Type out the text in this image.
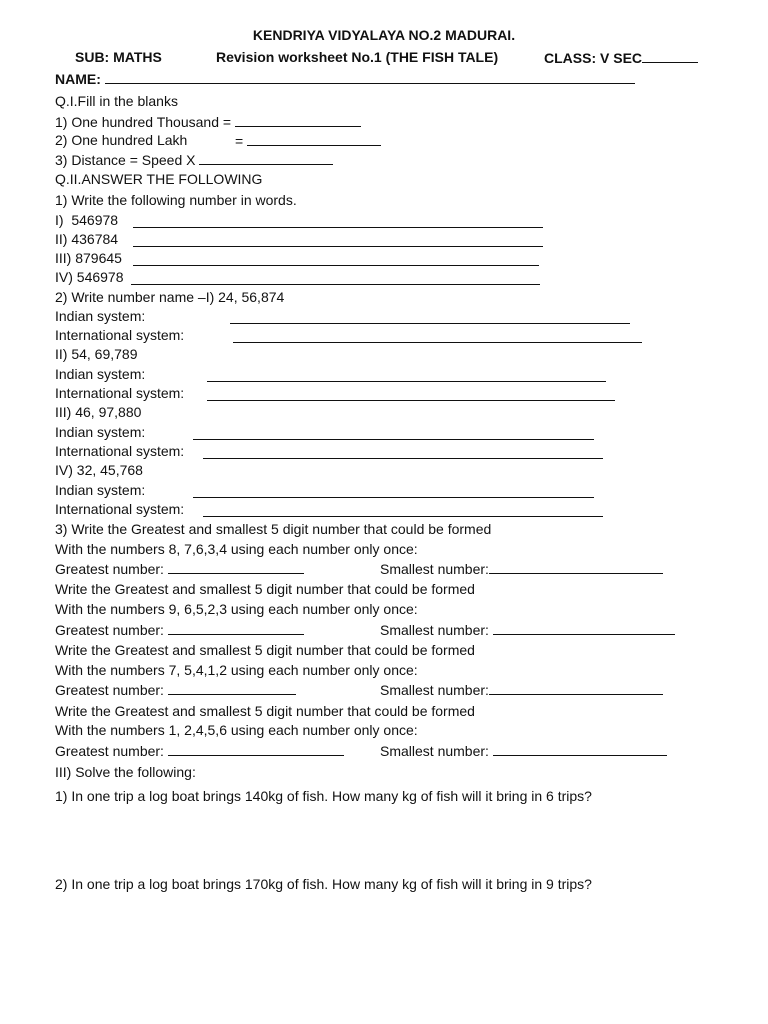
KENDRIYA VIDYALAYA NO.2 MADURAI.
SUB: MATHS	Revision worksheet No.1 (THE FISH TALE)	CLASS: V SEC
NAME:
Q.I.Fill in the blanks
1) One hundred Thousand =
2) One hundred Lakh	=
3) Distance = Speed X
Q.II.ANSWER THE FOLLOWING
1) Write the following number in words.
I)  546978
II) 436784
III) 879645
IV) 546978
2) Write number name –I) 24, 56,874
Indian system:
International system:
II) 54, 69,789
Indian system:
International system:
III) 46, 97,880
Indian system:
International system:
IV) 32, 45,768
Indian system:
International system:
3) Write the Greatest and smallest 5 digit number that could be formed
With the numbers 8, 7,6,3,4 using each number only once:
Greatest number:	Smallest number:
Write the Greatest and smallest 5 digit number that could be formed
With the numbers 9, 6,5,2,3 using each number only once:
Greatest number:	Smallest number:
Write the Greatest and smallest 5 digit number that could be formed
With the numbers 7, 5,4,1,2 using each number only once:
Greatest number:	Smallest number:
Write the Greatest and smallest 5 digit number that could be formed
With the numbers 1, 2,4,5,6 using each number only once:
Greatest number:	Smallest number:
III) Solve the following:
1) In one trip a log boat brings 140kg of fish. How many kg of fish will it bring in 6 trips?
2) In one trip a log boat brings 170kg of fish. How many kg of fish will it bring in 9 trips?
